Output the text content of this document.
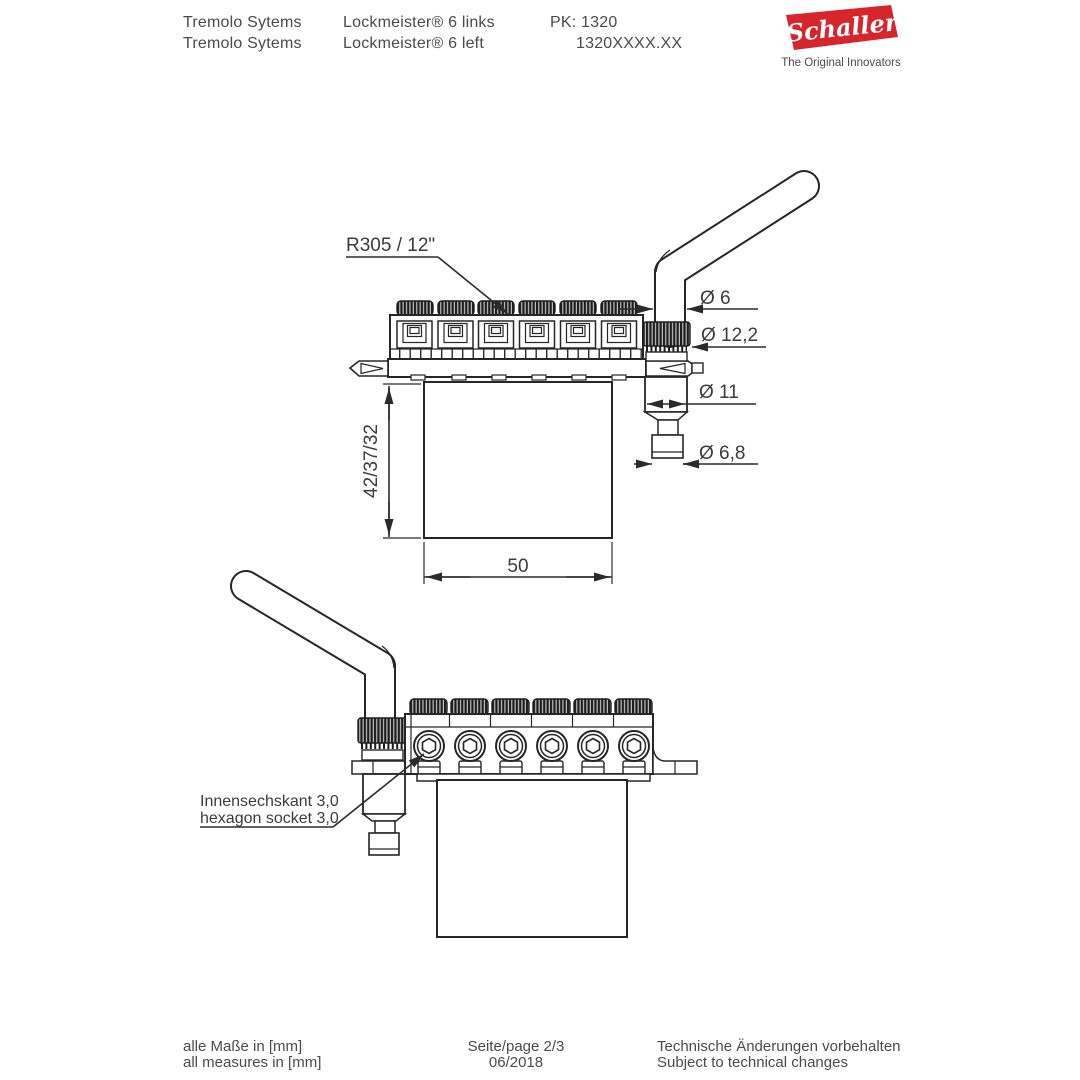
Tremolo Sytems
Tremolo Sytems
Lockmeister® 6 links
Lockmeister® 6 left
PK: 1320
1320XXXX.XX	Schaller
The Original Innovators
R305 / 12"
Ø 6
Ø 12,2
Ø 11
Ø 6,8
42/37/32
50
Innensechskant 3,0
hexagon socket 3,0
alle Maße in [mm]
all measures in [mm]
Seite/page 2/3
06/2018
Technische Änderungen vorbehalten
Subject to technical changes
